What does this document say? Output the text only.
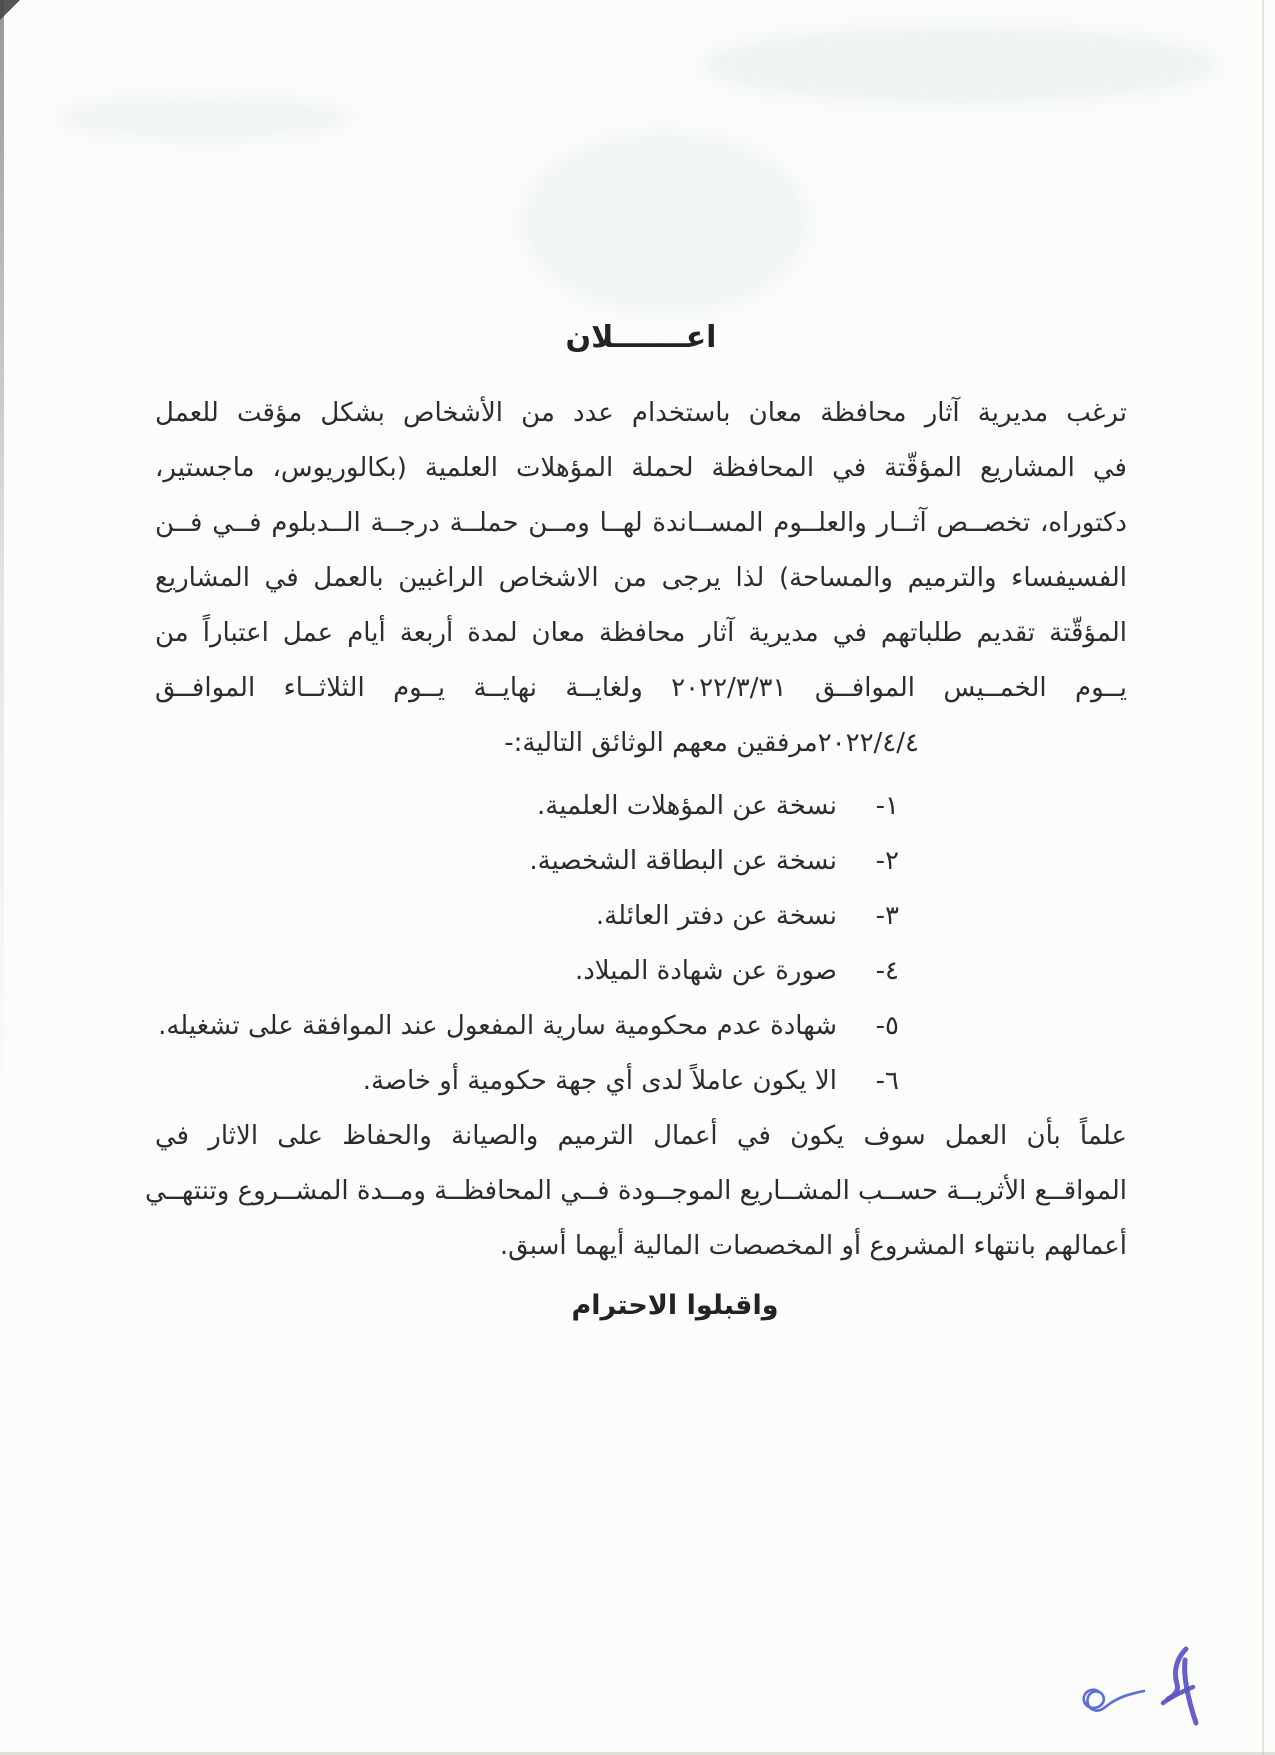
اعـــــــلان
ترغب مديرية آثار محافظة معان باستخدام عدد من الأشخاص بشكل مؤقت للعمل
في المشاريع المؤقّتة في المحافظة لحملة المؤهلات العلمية (بكالوريوس، ماجستير،
دكتوراه، تخصــص آثــار والعلــوم المســاندة لهــا ومــن حملــة درجــة الــدبلوم فــي فــن
الفسيفساء والترميم والمساحة) لذا يرجى من الاشخاص الراغبين بالعمل في المشاريع
المؤقّتة تقديم طلباتهم في مديرية آثار محافظة معان لمدة أربعة أيام عمل اعتباراً من
يــوم الخمــيس الموافــق ٢٠٢٢/٣/٣١ ولغايــة نهايــة يــوم الثلاثــاء الموافــق
٢٠٢٢/٤/٤مرفقين معهم الوثائق التالية:-
١-
نسخة عن المؤهلات العلمية.
٢-
نسخة عن البطاقة الشخصية.
٣-
نسخة عن دفتر العائلة.
٤-
صورة عن شهادة الميلاد.
٥-
شهادة عدم محكومية سارية المفعول عند الموافقة على تشغيله.
٦-
الا يكون عاملاً لدى أي جهة حكومية أو خاصة.
علماً بأن العمل سوف يكون في أعمال الترميم والصيانة والحفاظ على الاثار في
المواقــع الأثريــة حســب المشــاريع الموجــودة فــي المحافظــة ومــدة المشــروع وتنتهــي
أعمالهم بانتهاء المشروع أو المخصصات المالية أيهما أسبق.
واقبلوا الاحترام
